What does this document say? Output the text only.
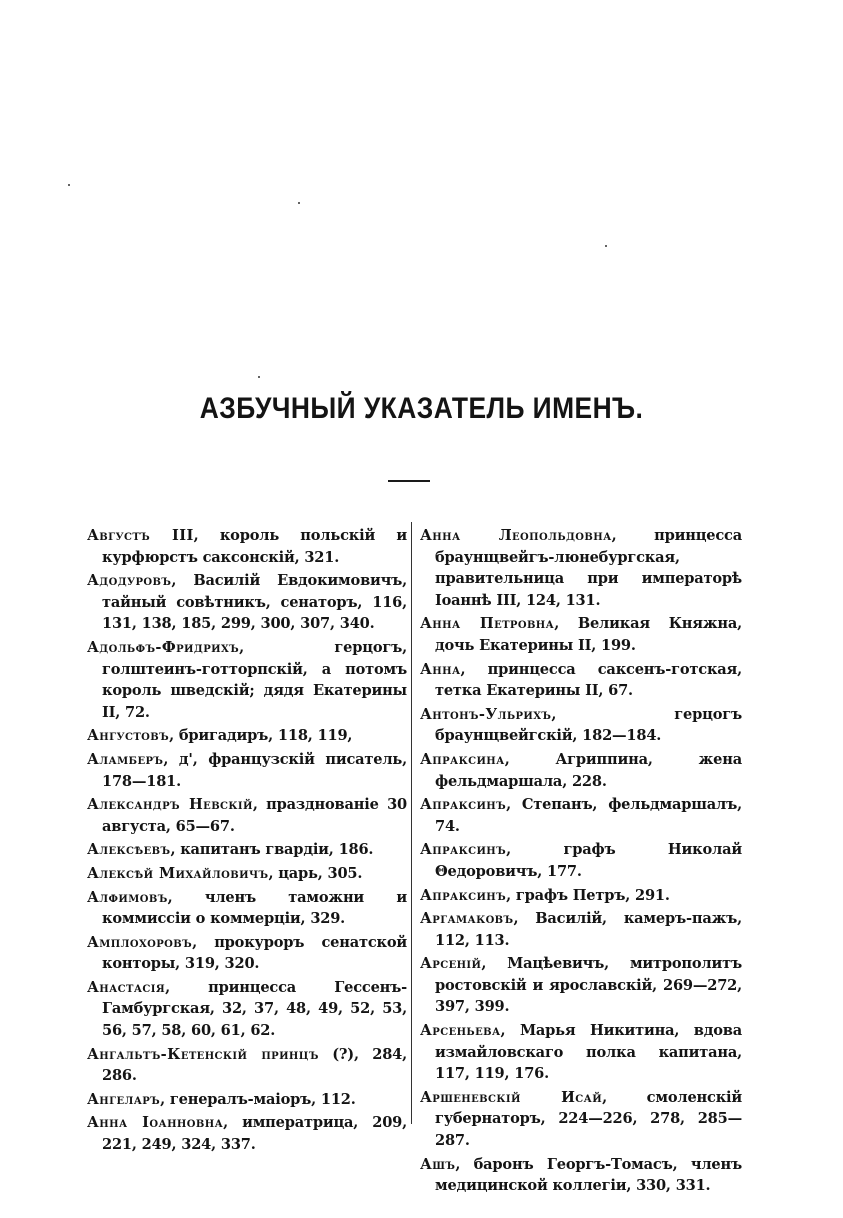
АЗБУЧНЫЙ УКАЗАТЕЛЬ ИМЕНЪ.

Августъ III, король польскій и курфюрстъ саксонскій, 321.

Адодуровъ, Василій Евдокимовичъ, тайный совѣтникъ, сенаторъ, 116, 131, 138, 185, 299, 300, 307, 340.

Адольфъ-Фридрихъ, герцогъ, голштеинъ-готторпскій, а потомъ король шведскій; дядя Екатерины II, 72.

Ангустовъ, бригадиръ, 118, 119,

Аламберъ, д', французскій писатель, 178—181.

Александръ Невскій, празднованіе 30 августа, 65—67.

Алексѣевъ, капитанъ гвардіи, 186.

Алексѣй Михайловичъ, царь, 305.

Алфимовъ, членъ таможни и коммиссіи о коммерціи, 329.

Амплохоровъ, прокуроръ сенатской конторы, 319, 320.

Анастасія, принцесса Гессенъ-Гамбургская, 32, 37, 48, 49, 52, 53, 56, 57, 58, 60, 61, 62.

Ангальтъ-Кетенскій принцъ (?), 284, 286.

Ангеларъ, генералъ-маіоръ, 112.

Анна Іоанновна, императрица, 209, 221, 249, 324, 337.

Анна Леопольдовна, принцесса браунщвейгъ-люнебургская, правительница при императорѣ Іоаннѣ III, 124, 131.

Анна Петровна, Великая Княжна, дочь Екатерины II, 199.

Анна, принцесса саксенъ-готская, тетка Екатерины II, 67.

Антонъ-Ульрихъ, герцогъ браунщвейгскій, 182—184.

Апраксина, Агриппина, жена фельдмаршала, 228.

Апраксинъ, Степанъ, фельдмаршалъ, 74.

Апраксинъ, графъ Николай Θедоровичъ, 177.

Апраксинъ, графъ Петръ, 291.

Аргамаковъ, Василій, камеръ-пажъ, 112, 113.

Арсеній, Мацѣевичъ, митрополитъ ростовскій и ярославскій, 269—272, 397, 399.

Арсеньева, Марья Никитина, вдова измайловскаго полка капитана, 117, 119, 176.

Аршеневскій Исай, смоленскій губернаторъ, 224—226, 278, 285—287.

Ашъ, баронъ Георгъ-Томасъ, членъ медицинской коллегіи, 330, 331.
